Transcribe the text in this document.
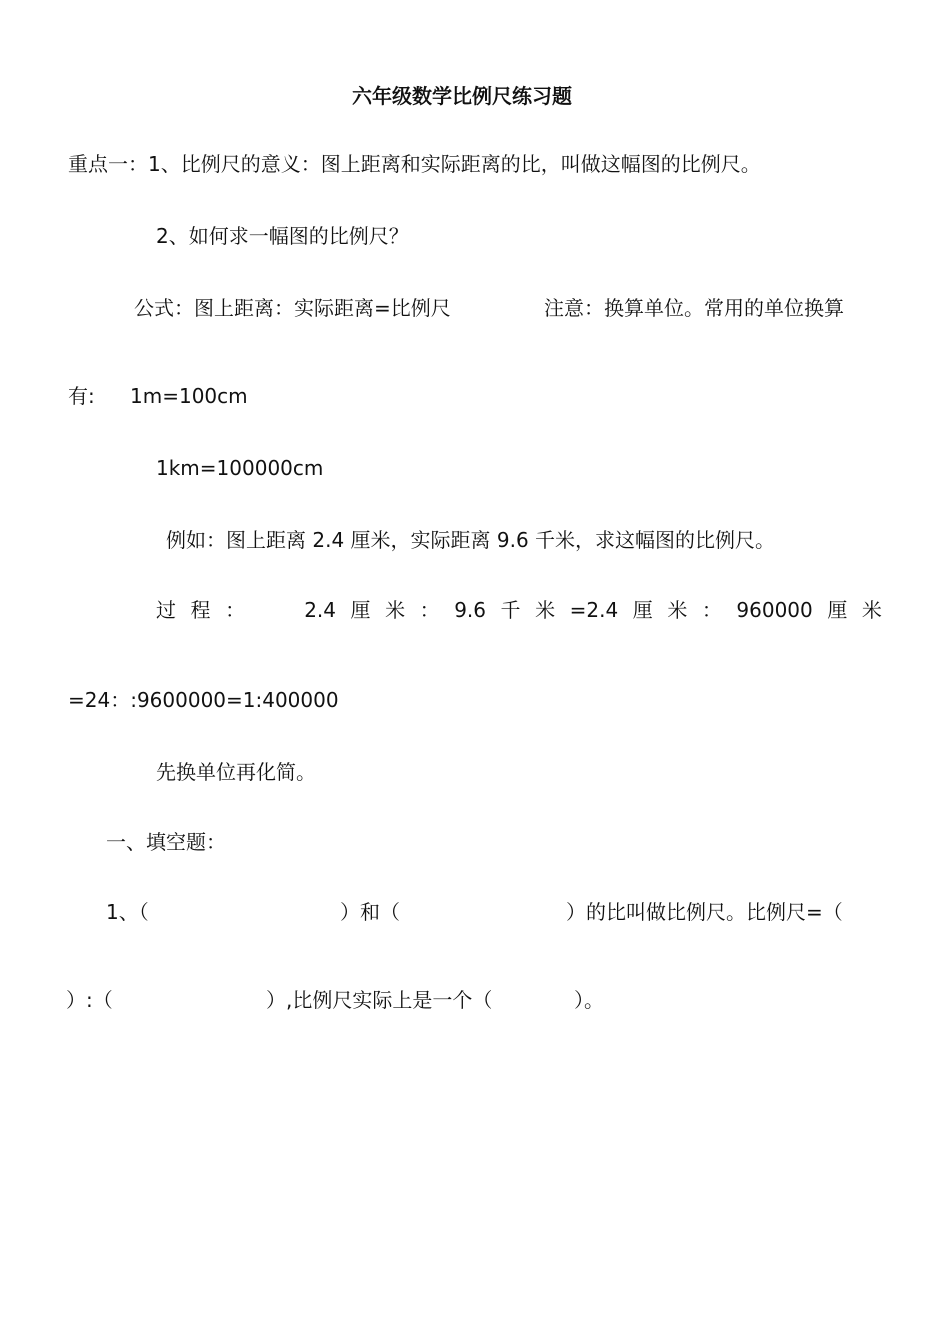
六年级数学比例尺练习题
重点一：1、比例尺的意义：图上距离和实际距离的比，叫做这幅图的比例尺。
2、如何求一幅图的比例尺？
公式：图上距离：实际距离=比例尺	注意：换算单位。常用的单位换算
有: 1m=100cm
1km=100000cm
例如：图上距离 2.4 厘米，实际距离 9.6 千米，求这幅图的比例尺。
过 程 ：	2.4 厘 米 ： 9.6 千 米 =2.4 厘 米 ： 960000 厘 米
=24：:9600000=1:400000
先换单位再化简。
一、填空题：
1、（	）和（	）的比叫做比例尺。比例尺=（
）:（	）,比例尺实际上是一个（	）。
